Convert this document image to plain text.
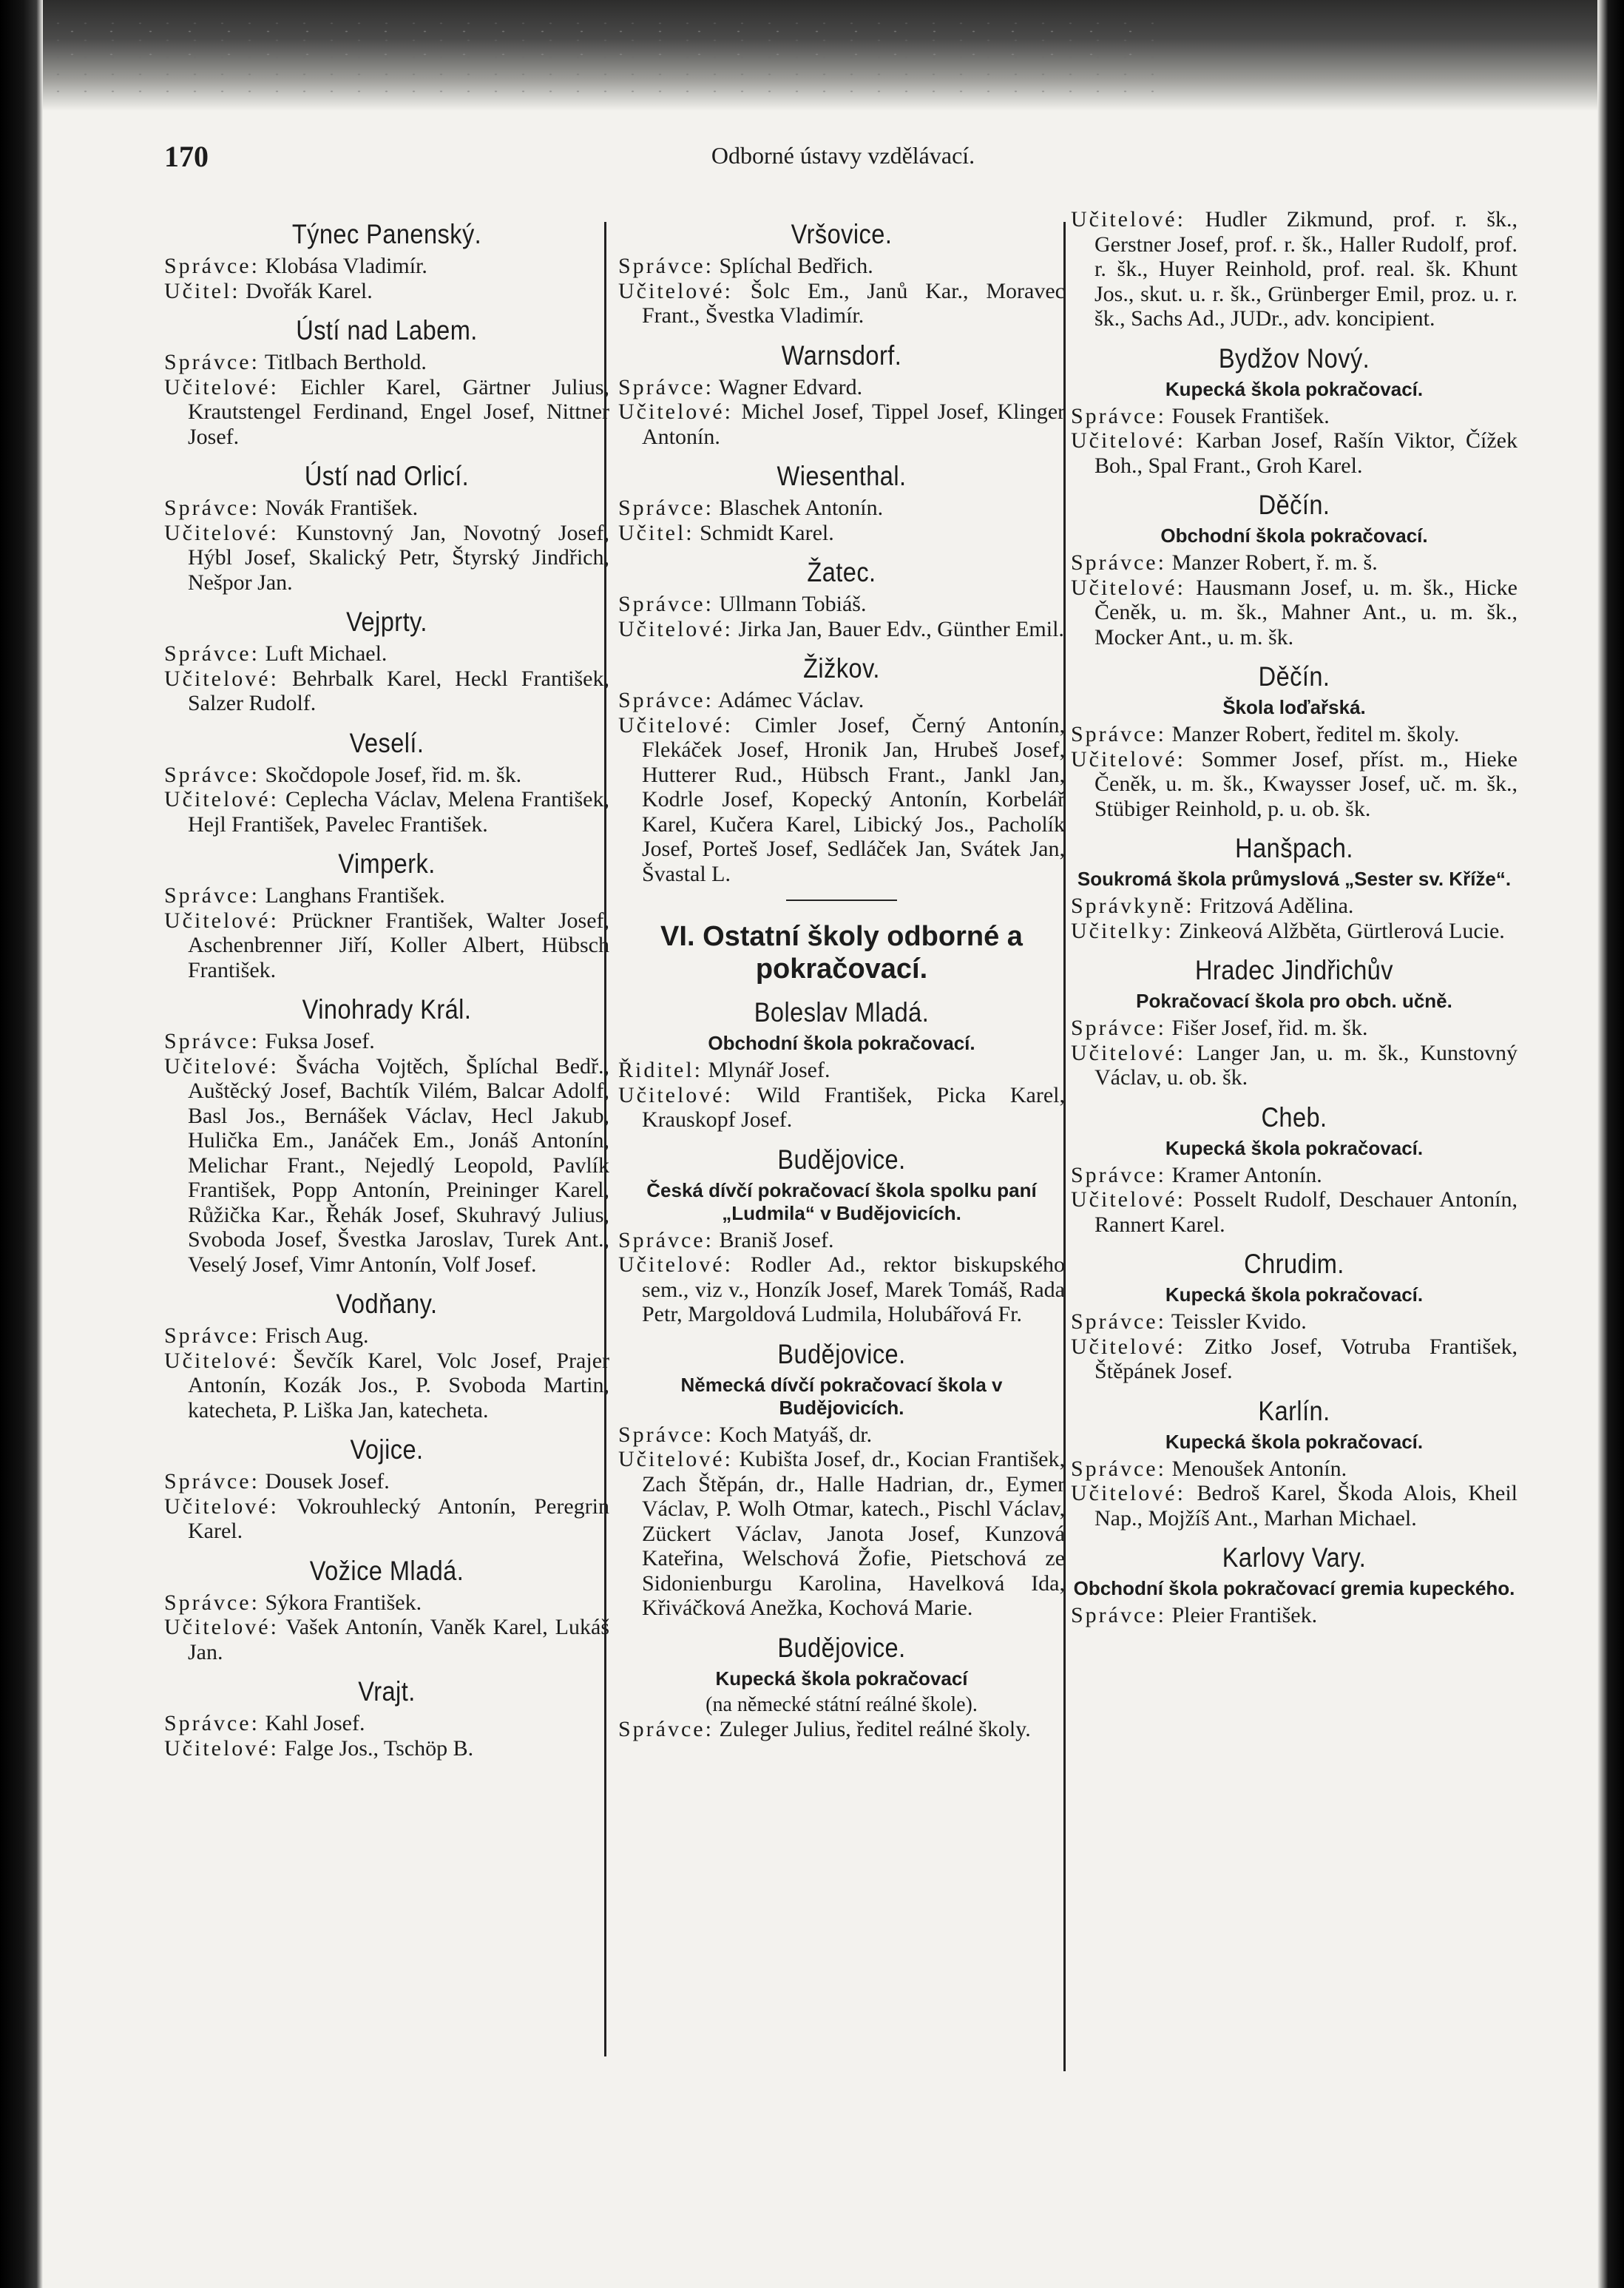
170	Odborné ústavy vzdělávací.
Týnec Panenský.

Správce: Klobása Vladimír.

Učitel: Dvořák Karel.

Ústí nad Labem.

Správce: Titlbach Berthold.

Učitelové: Eichler Karel, Gärtner Julius, Krautstengel Ferdinand, Engel Josef, Nittner Josef.

Ústí nad Orlicí.

Správce: Novák František.

Učitelové: Kunstovný Jan, Novotný Josef, Hýbl Josef, Skalický Petr, Štyrský Jindřich, Nešpor Jan.

Vejprty.

Správce: Luft Michael.

Učitelové: Behrbalk Karel, Heckl František, Salzer Rudolf.

Veselí.

Správce: Skočdopole Josef, řid. m. šk.

Učitelové: Ceplecha Václav, Melena František, Hejl František, Pavelec František.

Vimperk.

Správce: Langhans František.

Učitelové: Prückner František, Walter Josef, Aschenbrenner Jiří, Koller Albert, Hübsch František.

Vinohrady Král.

Správce: Fuksa Josef.

Učitelové: Švácha Vojtěch, Šplíchal Bedř., Auštěcký Josef, Bachtík Vilém, Balcar Adolf, Basl Jos., Bernášek Václav, Hecl Jakub, Hulička Em., Janáček Em., Jonáš Antonín, Melichar Frant., Nejedlý Leopold, Pavlík František, Popp Antonín, Preininger Karel, Růžička Kar., Řehák Josef, Skuhravý Julius, Svoboda Josef, Švestka Jaroslav, Turek Ant., Veselý Josef, Vimr Antonín, Volf Josef.

Vodňany.

Správce: Frisch Aug.

Učitelové: Ševčík Karel, Volc Josef, Prajer Antonín, Kozák Jos., P. Svoboda Martin, katecheta, P. Liška Jan, katecheta.

Vojice.

Správce: Dousek Josef.

Učitelové: Vokrouhlecký Antonín, Peregrin Karel.

Vožice Mladá.

Správce: Sýkora František.

Učitelové: Vašek Antonín, Vaněk Karel, Lukáš Jan.

Vrajt.

Správce: Kahl Josef.

Učitelové: Falge Jos., Tschöp B.

Vršovice.

Správce: Splíchal Bedřich.

Učitelové: Šolc Em., Janů Kar., Moravec Frant., Švestka Vladimír.

Warnsdorf.

Správce: Wagner Edvard.

Učitelové: Michel Josef, Tippel Josef, Klinger Antonín.

Wiesenthal.

Správce: Blaschek Antonín.

Učitel: Schmidt Karel.

Žatec.

Správce: Ullmann Tobiáš.

Učitelové: Jirka Jan, Bauer Edv., Günther Emil.

Žižkov.

Správce: Adámec Václav.

Učitelové: Cimler Josef, Černý Antonín, Flekáček Josef, Hronik Jan, Hrubeš Josef, Hutterer Rud., Hübsch Frant., Jankl Jan, Kodrle Josef, Kopecký Antonín, Korbelář Karel, Kučera Karel, Libický Jos., Pacholík Josef, Porteš Josef, Sedláček Jan, Svátek Jan, Švastal L.

VI. Ostatní školy odborné a pokračovací.
Boleslav Mladá.
Obchodní škola pokračovací.

Řiditel: Mlynář Josef.

Učitelové: Wild František, Picka Karel, Krauskopf Josef.

Budějovice.
Česká dívčí pokračovací škola spolku paní „Ludmila“ v Budějovicích.

Správce: Braniš Josef.

Učitelové: Rodler Ad., rektor biskupského sem., viz v., Honzík Josef, Marek Tomáš, Rada Petr, Margoldová Ludmila, Holubářová Fr.

Budějovice.
Německá dívčí pokračovací škola v Budějovicích.

Správce: Koch Matyáš, dr.

Učitelové: Kubišta Josef, dr., Kocian František, Zach Štěpán, dr., Halle Hadrian, dr., Eymer Václav, P. Wolh Otmar, katech., Pischl Václav, Zückert Václav, Janota Josef, Kunzová Kateřina, Welschová Žofie, Pietschová ze Sidonienburgu Karolina, Havelková Ida, Křiváčková Anežka, Kochová Marie.

Budějovice.
Kupecká škola pokračovací
(na německé státní reálné škole).

Správce: Zuleger Julius, ředitel reálné školy.

Učitelové: Hudler Zikmund, prof. r. šk., Gerstner Josef, prof. r. šk., Haller Rudolf, prof. r. šk., Huyer Reinhold, prof. real. šk. Khunt Jos., skut. u. r. šk., Grünberger Emil, proz. u. r. šk., Sachs Ad., JUDr., adv. koncipient.

Bydžov Nový.
Kupecká škola pokračovací.

Správce: Fousek František.

Učitelové: Karban Josef, Rašín Viktor, Čížek Boh., Spal Frant., Groh Karel.

Děčín.
Obchodní škola pokračovací.

Správce: Manzer Robert, ř. m. š.

Učitelové: Hausmann Josef, u. m. šk., Hicke Čeněk, u. m. šk., Mahner Ant., u. m. šk., Mocker Ant., u. m. šk.

Děčín.
Škola loďařská.

Správce: Manzer Robert, ředitel m. školy.

Učitelové: Sommer Josef, příst. m., Hieke Čeněk, u. m. šk., Kwaysser Josef, uč. m. šk., Stübiger Reinhold, p. u. ob. šk.

Hanšpach.
Soukromá škola průmyslová „Sester sv. Kříže“.

Správkyně: Fritzová Adělina.

Učitelky: Zinkeová Alžběta, Gürtlerová Lucie.

Hradec Jindřichův
Pokračovací škola pro obch. učně.

Správce: Fišer Josef, řid. m. šk.

Učitelové: Langer Jan, u. m. šk., Kunstovný Václav, u. ob. šk.

Cheb.
Kupecká škola pokračovací.

Správce: Kramer Antonín.

Učitelové: Posselt Rudolf, Deschauer Antonín, Rannert Karel.

Chrudim.
Kupecká škola pokračovací.

Správce: Teissler Kvido.

Učitelové: Zitko Josef, Votruba František, Štěpánek Josef.

Karlín.
Kupecká škola pokračovací.

Správce: Menoušek Antonín.

Učitelové: Bedroš Karel, Škoda Alois, Kheil Nap., Mojžíš Ant., Marhan Michael.

Karlovy Vary.
Obchodní škola pokračovací gremia kupeckého.

Správce: Pleier František.
